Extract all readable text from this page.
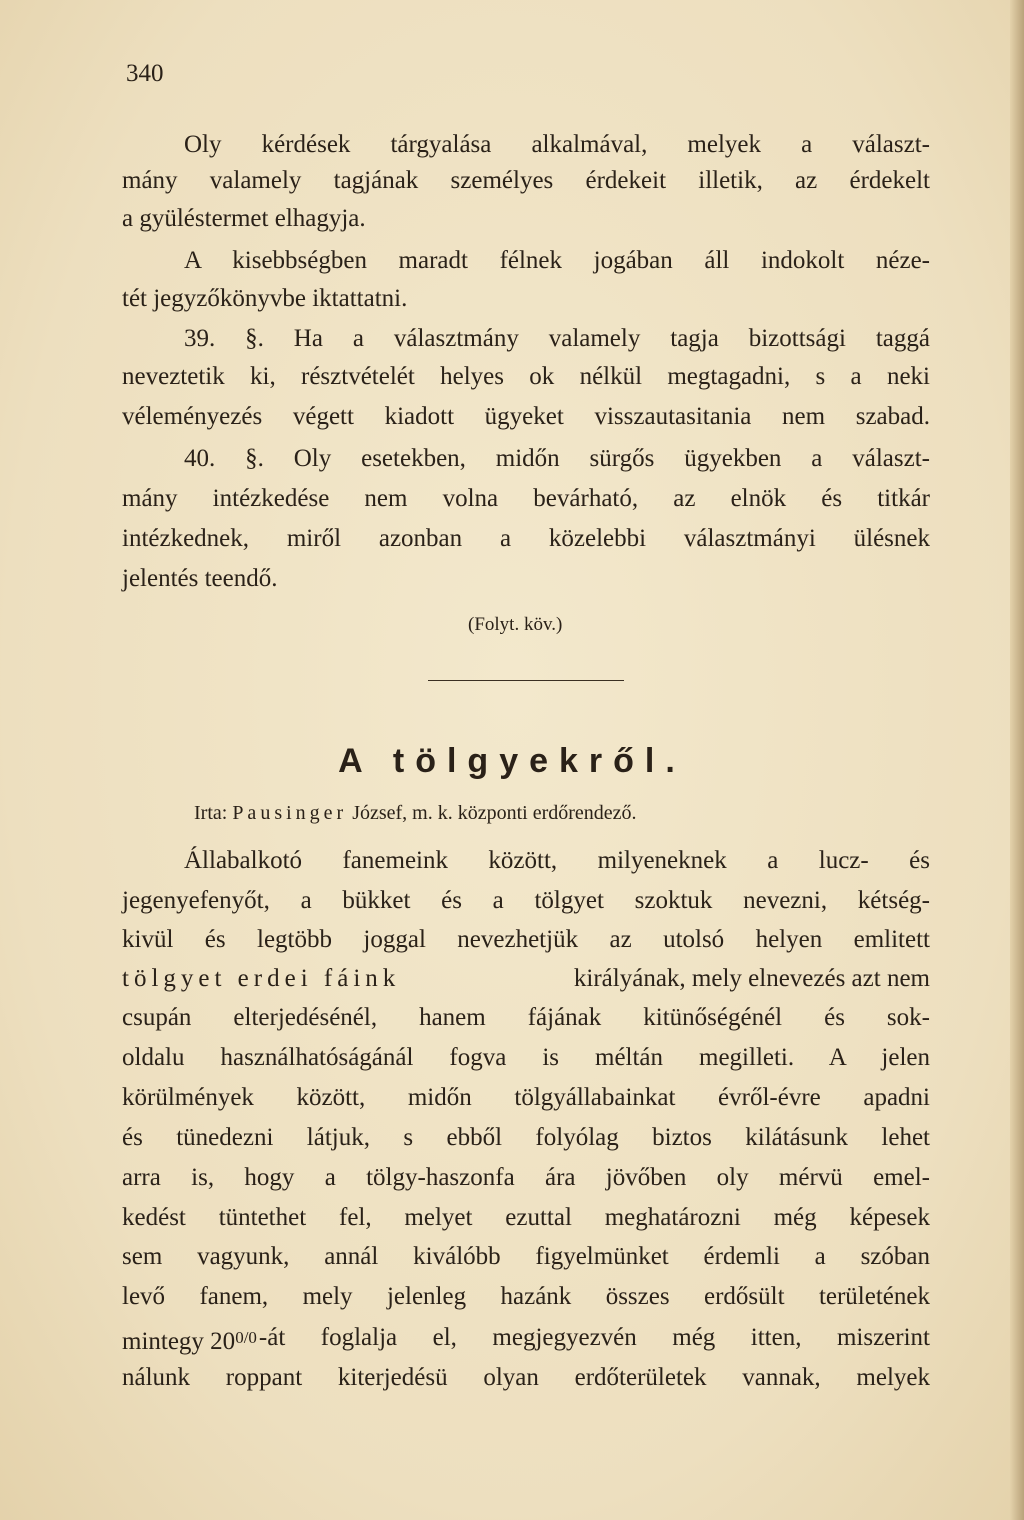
340
Oly kérdések tárgyalása alkalmával, melyek a választ-
mány valamely tagjának személyes érdekeit illetik, az érdekelt
a gyüléstermet elhagyja.
A kisebbségben maradt félnek jogában áll indokolt néze-
tét jegyzőkönyvbe iktattatni.
39. §. Ha a választmány valamely tagja bizottsági taggá
neveztetik ki, résztvételét helyes ok nélkül megtagadni, s a neki
véleményezés végett kiadott ügyeket visszautasitania nem szabad.
40. §. Oly esetekben, midőn sürgős ügyekben a választ-
mány intézkedése nem volna bevárható, az elnök és titkár
intézkednek, miről azonban a közelebbi választmányi ülésnek
jelentés teendő.
(Folyt. köv.)
A tölgyekről.
Irta: Pausinger József, m. k. központi erdőrendező.
Állabalkotó fanemeink között, milyeneknek a lucz- és
jegenyefenyőt, a bükket és a tölgyet szoktuk nevezni, kétség-
kivül és legtöbb joggal nevezhetjük az utolsó helyen emlitett
tölgyet erdei fáink	királyának, mely elnevezés azt nem
csupán elterjedésénél, hanem fájának kitünőségénél és sok-
oldalu használhatóságánál fogva is méltán megilleti. A jelen
körülmények között, midőn tölgyállabainkat évről-évre apadni
és tünedezni látjuk, s ebből folyólag biztos kilátásunk lehet
arra is, hogy a tölgy-haszonfa ára jövőben oly mérvü emel-
kedést tüntethet fel, melyet ezuttal meghatározni még képesek
sem vagyunk, annál kiválóbb figyelmünket érdemli a szóban
levő fanem, mely jelenleg hazánk összes erdősült területének
mintegy $20^{0/0}$ -át foglalja el, megjegyezvén még itten, miszerint
nálunk roppant kiterjedésü olyan erdőterületek vannak, melyek
